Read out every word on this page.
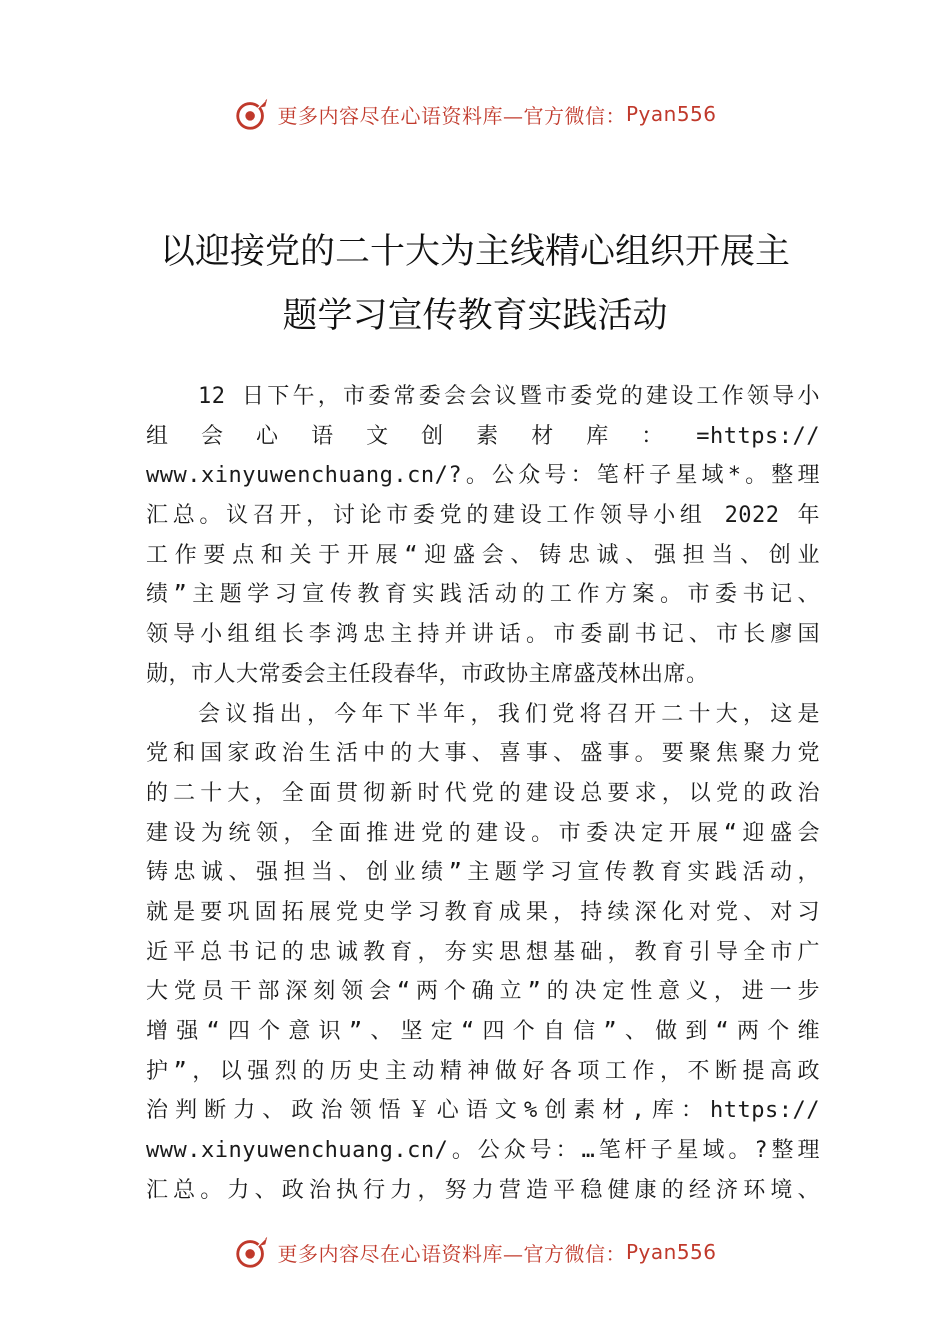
更多内容尽在心语资料库—官方微信： Pyan556
以迎接党的二十大为主线精心组织开展主
题学习宣传教育实践活动
12 日下午，市委常委会会议暨市委党的建设工作领导小
组 会 心 语 文 创 素 材 库 ： =https://
www.xinyuwenchuang.cn/?。公众号：笔杆子星域*。整理
汇总。议召开，讨论市委党的建设工作领导小组 2022 年
工作要点和关于开展“迎盛会、铸忠诚、强担当、创业
绩”主题学习宣传教育实践活动的工作方案。市委书记、
领导小组组长李鸿忠主持并讲话。市委副书记、市长廖国
勋，市人大常委会主任段春华，市政协主席盛茂林出席。
会议指出，今年下半年，我们党将召开二十大，这是
党和国家政治生活中的大事、喜事、盛事。要聚焦聚力党
的二十大，全面贯彻新时代党的建设总要求，以党的政治
建设为统领，全面推进党的建设。市委决定开展“迎盛会
铸忠诚、强担当、创业绩”主题学习宣传教育实践活动，
就是要巩固拓展党史学习教育成果，持续深化对党、对习
近平总书记的忠诚教育，夯实思想基础，教育引导全市广
大党员干部深刻领会“两个确立”的决定性意义，进一步
增强“四个意识”、坚定“四个自信”、做到“两个维
护”，以强烈的历史主动精神做好各项工作，不断提高政
治判断力、政治领悟￥心语文%创素材,库：https://
www.xinyuwenchuang.cn/。公众号：…笔杆子星域。?整理
汇总。力、政治执行力，努力营造平稳健康的经济环境、
更多内容尽在心语资料库—官方微信： Pyan556
